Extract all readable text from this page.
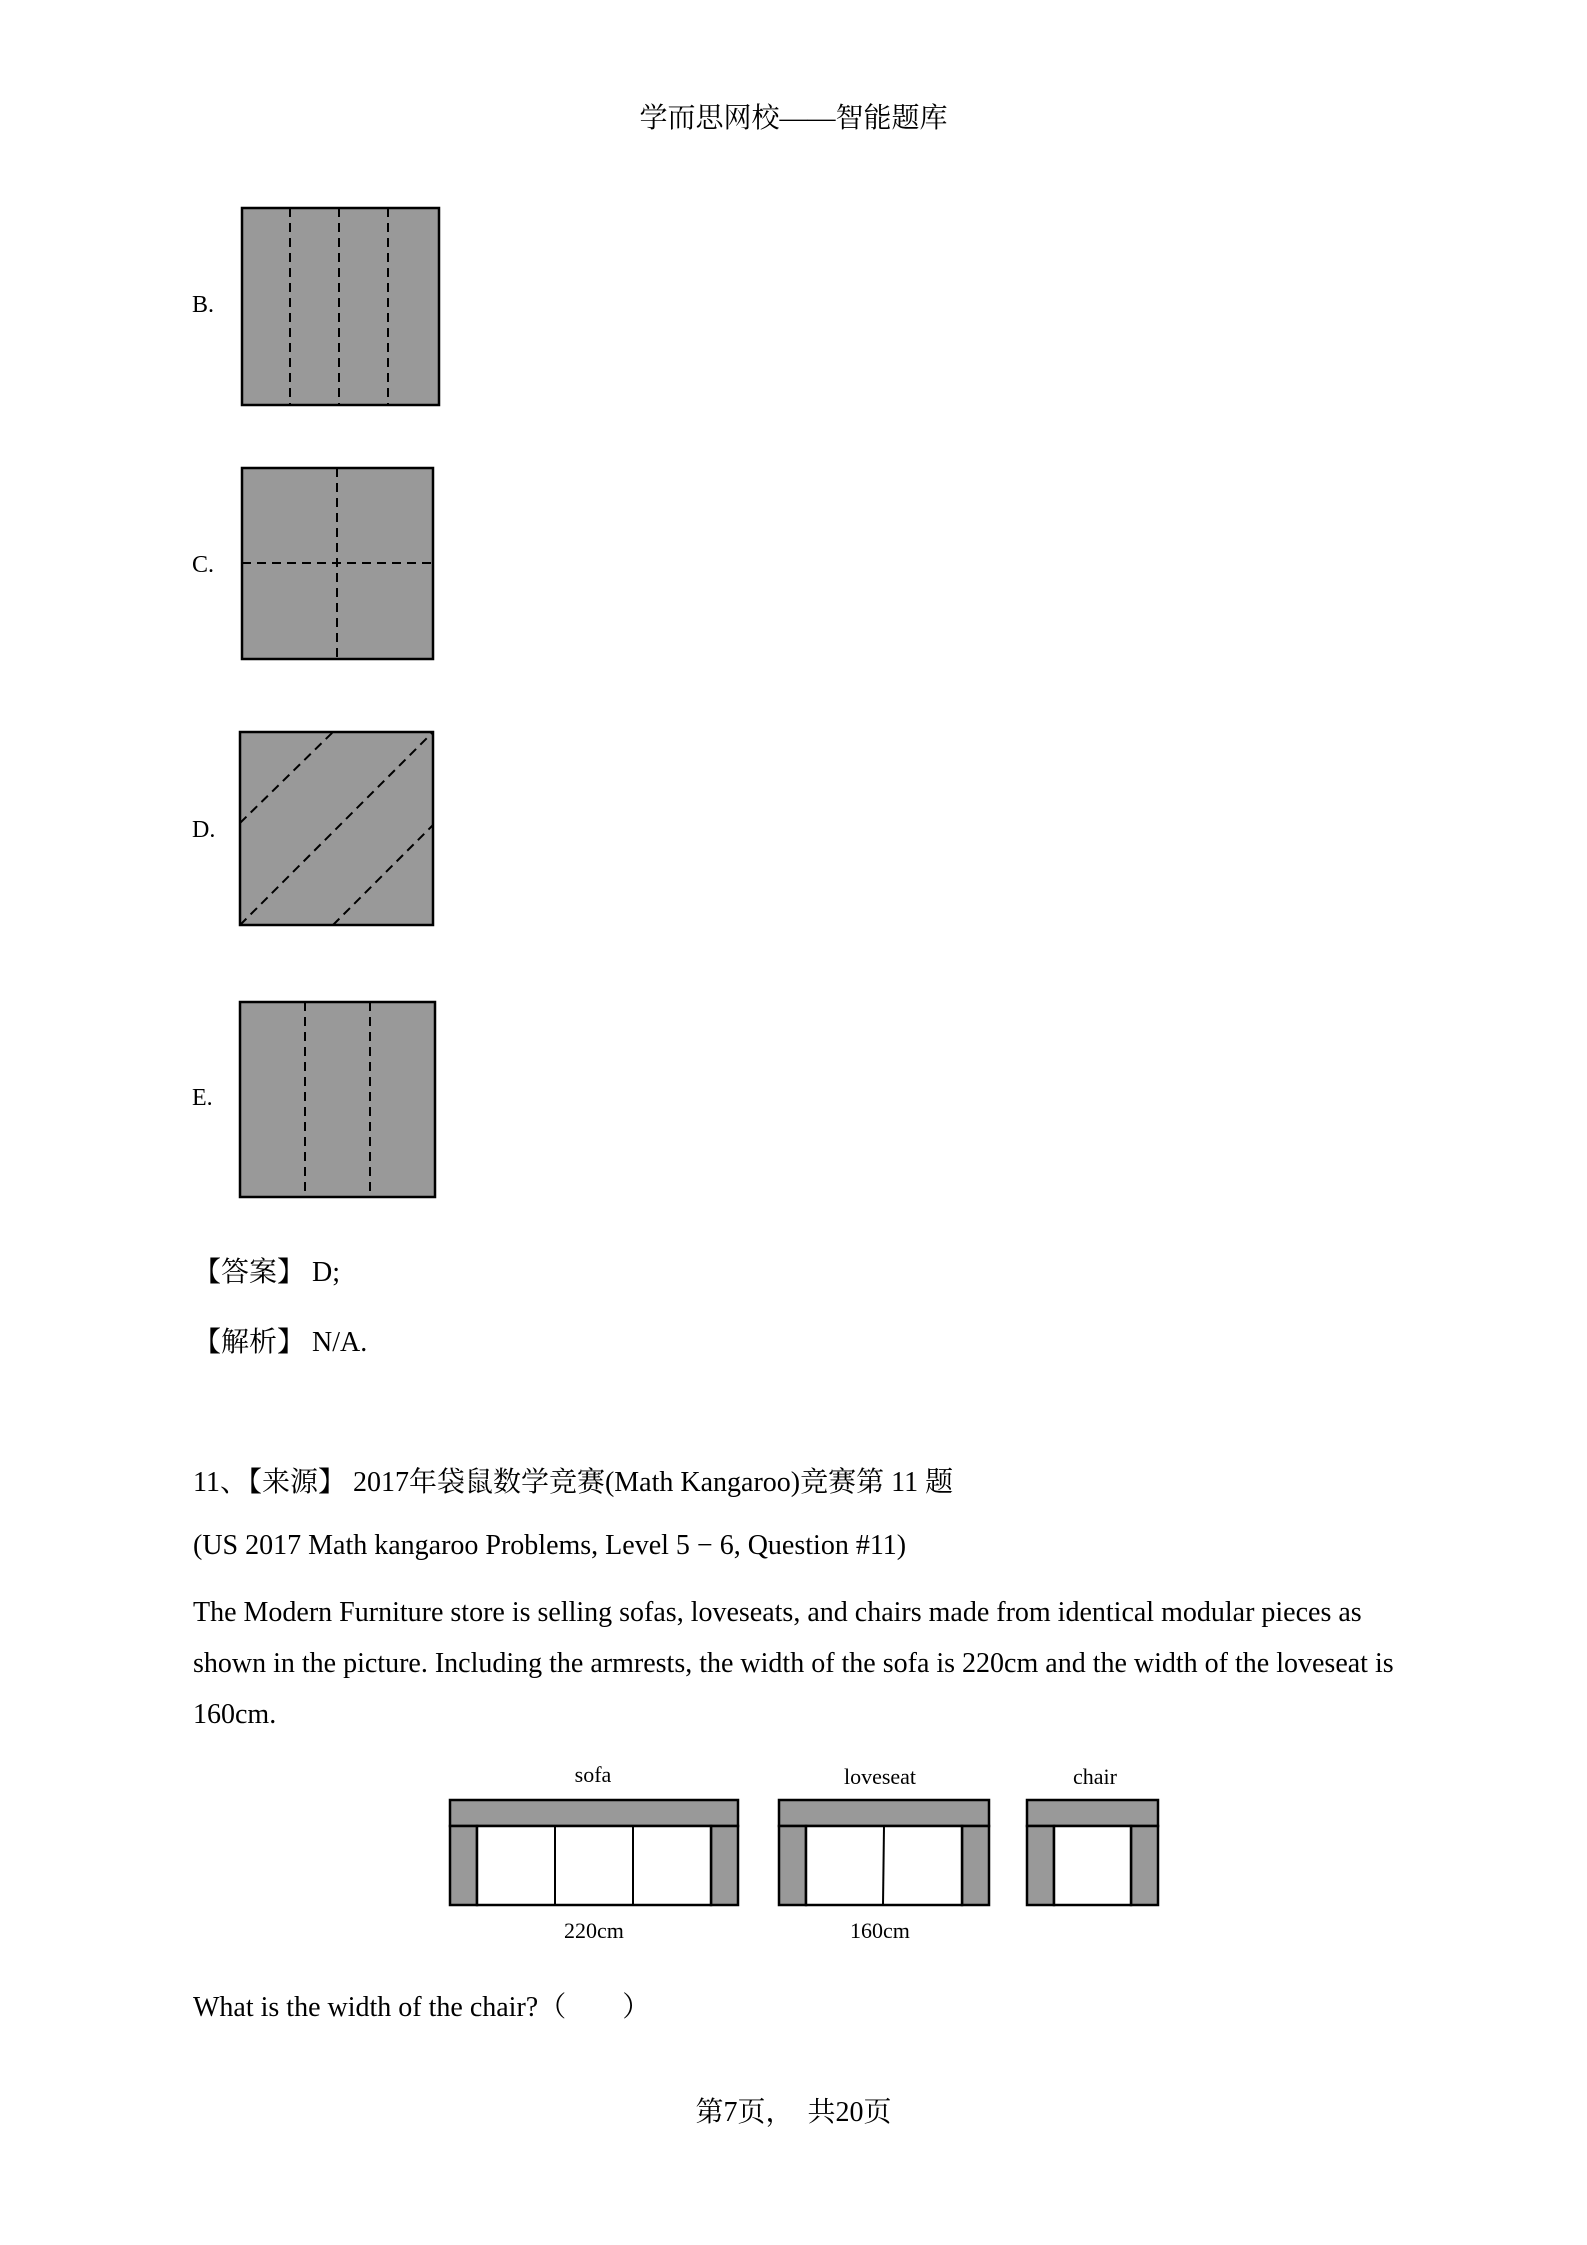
学而思网校——智能题库
B.
C.
D.
E.
【答案】 D;
【解析】 N/A.
11、【来源】 2017年袋鼠数学竞赛(Math Kangaroo)竞赛第 11 题
(US 2017 Math kangaroo Problems, Level 5 − 6, Question #11)
The Modern Furniture store is selling sofas, loveseats, and chairs made from identical modular pieces as shown in the picture. Including the armrests, the width of the sofa is 220cm and the width of the loveseat is 160cm.
sofa	loveseat	chair
220cm	160cm
What is the width of the chair?（　　）
第7页，　共20页
